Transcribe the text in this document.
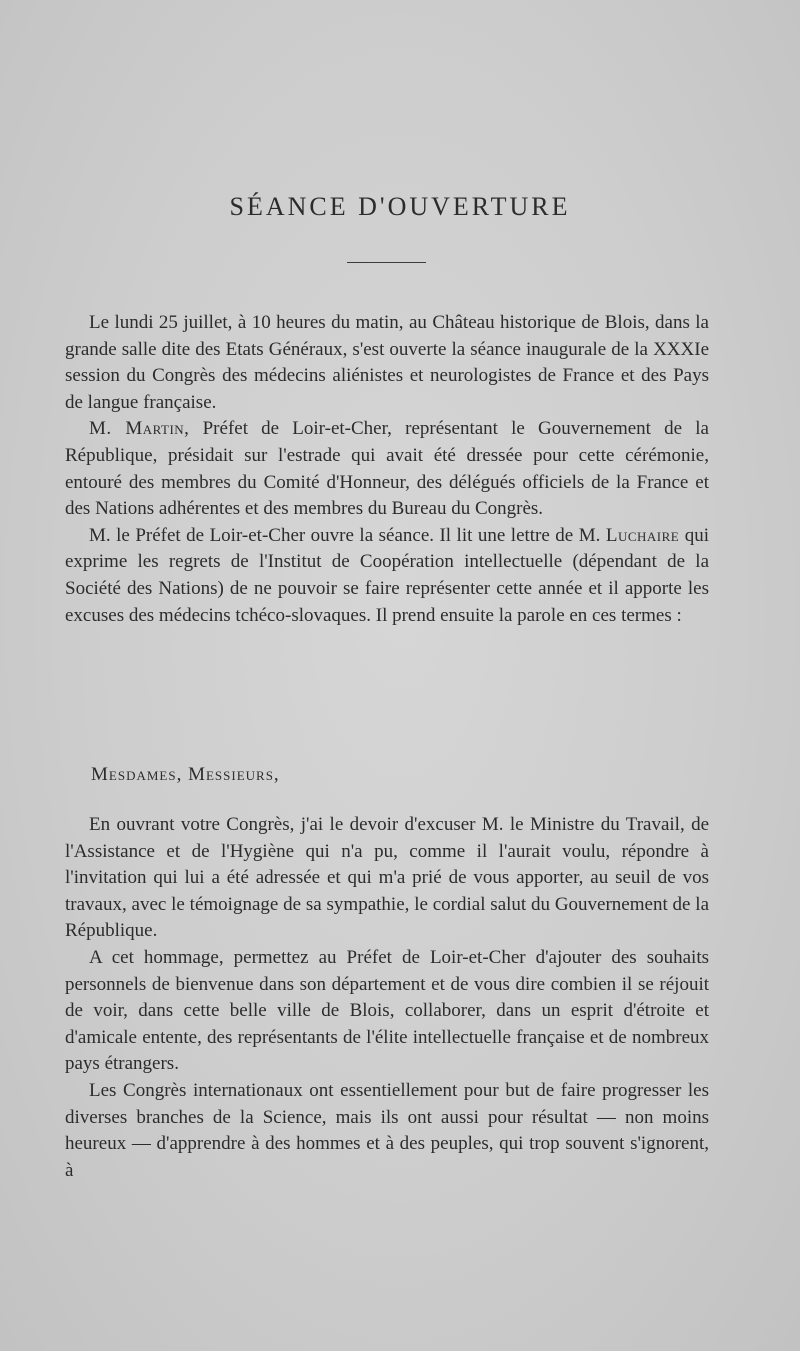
SÉANCE D'OUVERTURE

Le lundi 25 juillet, à 10 heures du matin, au Château historique de Blois, dans la grande salle dite des Etats Généraux, s'est ouverte la séance inaugurale de la XXXIe session du Congrès des médecins aliénistes et neurologistes de France et des Pays de langue française.

M. Martin, Préfet de Loir-et-Cher, représentant le Gouvernement de la République, présidait sur l'estrade qui avait été dressée pour cette cérémonie, entouré des membres du Comité d'Honneur, des délégués officiels de la France et des Nations adhérentes et des membres du Bureau du Congrès.

M. le Préfet de Loir-et-Cher ouvre la séance. Il lit une lettre de M. Luchaire qui exprime les regrets de l'Institut de Coopération intellectuelle (dépendant de la Société des Nations) de ne pouvoir se faire représenter cette année et il apporte les excuses des médecins tchéco-slovaques. Il prend ensuite la parole en ces termes :

Mesdames, Messieurs,

En ouvrant votre Congrès, j'ai le devoir d'excuser M. le Ministre du Travail, de l'Assistance et de l'Hygiène qui n'a pu, comme il l'aurait voulu, répondre à l'invitation qui lui a été adressée et qui m'a prié de vous apporter, au seuil de vos travaux, avec le témoignage de sa sympathie, le cordial salut du Gouvernement de la République.

A cet hommage, permettez au Préfet de Loir-et-Cher d'ajouter des souhaits personnels de bienvenue dans son département et de vous dire combien il se réjouit de voir, dans cette belle ville de Blois, collaborer, dans un esprit d'étroite et d'amicale entente, des représentants de l'élite intellectuelle française et de nombreux pays étrangers.

Les Congrès internationaux ont essentiellement pour but de faire progresser les diverses branches de la Science, mais ils ont aussi pour résultat — non moins heureux — d'apprendre à des hommes et à des peuples, qui trop souvent s'ignorent, à
